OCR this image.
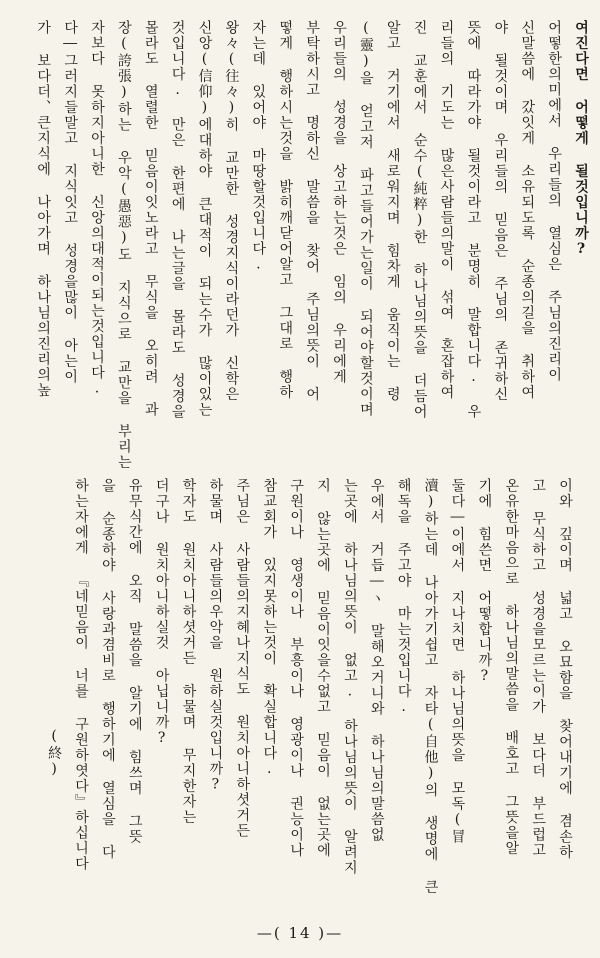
여진다면 어떻게 될것입니까?
어떻한의미에서 우리들의 열심은 주님의진리이
신말씀에 갔잇게 소유되도록 순종의길을 취하여
야 될것이며 우리들의 믿음은 주님의 존귀하신
뜻에 따라가야 될것이라고 분명히 말합니다. 우
리들의 기도는 많은사람들의말이 섞여 혼잡하여
진 교훈에서 순수(純粹)한 하나님의뜻을 더듬어
알고 거기에서 새로워지며 힘차게 움직이는 령
(靈)을 얻고저 파고들어가는일이 되어야할것이며
우리들의 성경을 상고하는것은 임의 우리에게
부탁하시고 명하신 말씀을 찾어 주님의뜻이 어
떻게 행하시는것을 밝히깨닫어알고 그대로 행하
자는데 있어야 마땅할것입니다.
왕々(往々)히 교만한 성경지식이라던가 신학은
신앙(信仰)에대하야 큰대적이 되는수가 많이있는
것입니다. 만은 한편에 나는글을 몰라도 성경을
몰라도 열렬한 믿음이잇노라고 무식을 오히려 과
장(誇張)하는 우악(愚惡)도 지식으로 교만을 부리는
자보다 못하지아니한 신앙의대적이되는것입니다.
다―그러지들말고 지식잇고 성경을많이 아는이
가 보다더、큰지식에 나아가며 하나님의진리의높
이와 깊이며 넓고 오묘함을 찾어내기에 겸손하
고 무식하고 성경을모르는이가 보다더 부드럽고
온유한마음으로 하나님의말씀을 배호고 그뜻을알
기에 힘쓴면 어떻합니까?
둘다―이에서 지나치면 하나님의뜻을 모독(冒
瀆)하는데 나아가기쉽고 자타(自他)의 생명에 큰
해독을 주고야 마는것입니다.
우에서 거듭―ヽ 말해오거니와 하나님의말씀없
는곳에 하나님의뜻이 없고. 하나님의뜻이 알려지
지 않는곳에 믿음이잇을수없고 믿음이 없는곳에
구원이나 영생이나 부흥이나 영광이나 권능이나
참교회가 있지못하는것이 확실합니다.
주님은 사람들의지혜나지식도 원치아니하셧거든
하물며 사람들의우악을 원하실것입니까?
학자도 원치아니하셧거든 하물며 무지한자는
더구나 원치아니하실것 아닙니까?
유무식간에 오직 말씀을 알기에 힘쓰며 그뜻
을 순종하야 사랑과겸비로 행하기에 열심을 다
하는자에게 『네믿음이 너를 구원하엿다』하십니다
(終)
—( 14 )—
